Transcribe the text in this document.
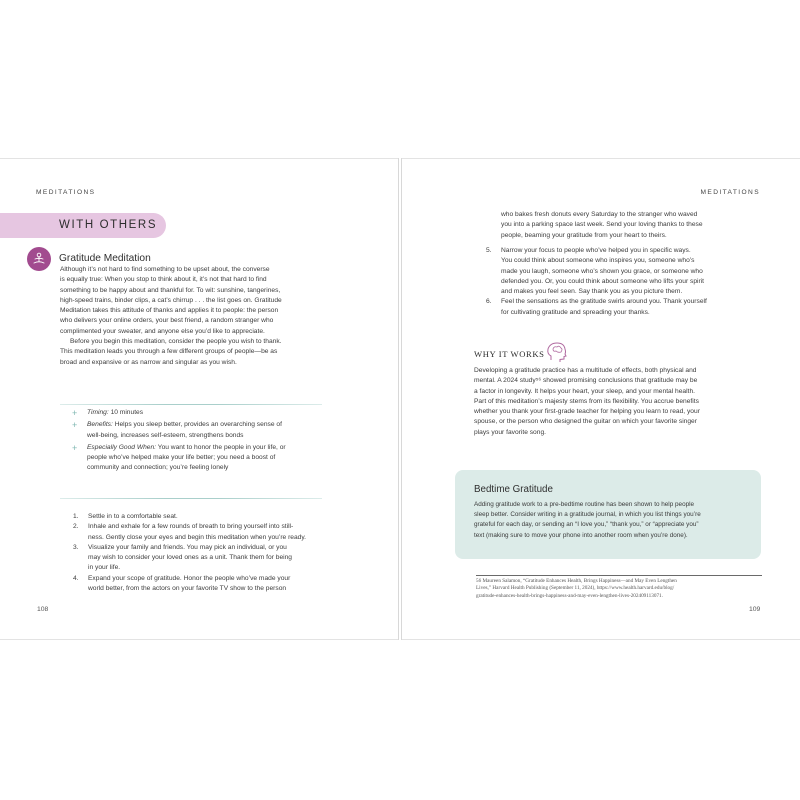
MEDITATIONS
WITH OTHERS
Gratitude Meditation
MEDITATIONS
Although it’s not hard to find something to be upset about, the converse
is equally true: When you stop to think about it, it’s not that hard to find
something to be happy about and thankful for. To wit: sunshine, tangerines,
high-speed trains, binder clips, a cat’s chirrup . . . the list goes on. Gratitude
Meditation takes this attitude of thanks and applies it to people: the person
who delivers your online orders, your best friend, a random stranger who
complimented your sweater, and anyone else you’d like to appreciate.
Before you begin this meditation, consider the people you wish to thank.
This meditation leads you through a few different groups of people—be as
broad and expansive or as narrow and singular as you wish.
+ Timing: 10 minutes
+ Benefits: Helps you sleep better, provides an overarching sense of
well-being, increases self-esteem, strengthens bonds
+ Especially Good When: You want to honor the people in your life, or
people who’ve helped make your life better; you need a boost of
community and connection; you’re feeling lonely
1. Settle in to a comfortable seat.
2. Inhale and exhale for a few rounds of breath to bring yourself into still-
ness. Gently close your eyes and begin this meditation when you’re ready.
3. Visualize your family and friends. You may pick an individual, or you
may wish to consider your loved ones as a unit. Thank them for being
in your life.
4. Expand your scope of gratitude. Honor the people who’ve made your
world better, from the actors on your favorite TV show to the person
108
who bakes fresh donuts every Saturday to the stranger who waved
you into a parking space last week. Send your loving thanks to these
people, beaming your gratitude from your heart to theirs.
5. Narrow your focus to people who’ve helped you in specific ways.
You could think about someone who inspires you, someone who’s
made you laugh, someone who’s shown you grace, or someone who
defended you. Or, you could think about someone who lifts your spirit
and makes you feel seen. Say thank you as you picture them.
6. Feel the sensations as the gratitude swirls around you. Thank yourself
for cultivating gratitude and spreading your thanks.
WHY IT WORKS
Developing a gratitude practice has a multitude of effects, both physical and
mental. A 2024 study⁵⁶ showed promising conclusions that gratitude may be
a factor in longevity. It helps your heart, your sleep, and your mental health.
Part of this meditation’s majesty stems from its flexibility. You accrue benefits
whether you thank your first-grade teacher for helping you learn to read, your
spouse, or the person who designed the guitar on which your favorite singer
plays your favorite song.
Bedtime Gratitude
Adding gratitude work to a pre-bedtime routine has been shown to help people
sleep better. Consider writing in a gratitude journal, in which you list things you’re
grateful for each day, or sending an “I love you,” “thank you,” or “appreciate you”
text (making sure to move your phone into another room when you’re done).
56 Maureen Salamon, “Gratitude Enhances Health, Brings Happiness—and May Even Lengthen
Lives,” Harvard Health Publishing (September 11, 2024), https://www.health.harvard.edu/blog/
gratitude-enhances-health-brings-happiness-and-may-even-lengthen-lives-202409113071.
109
